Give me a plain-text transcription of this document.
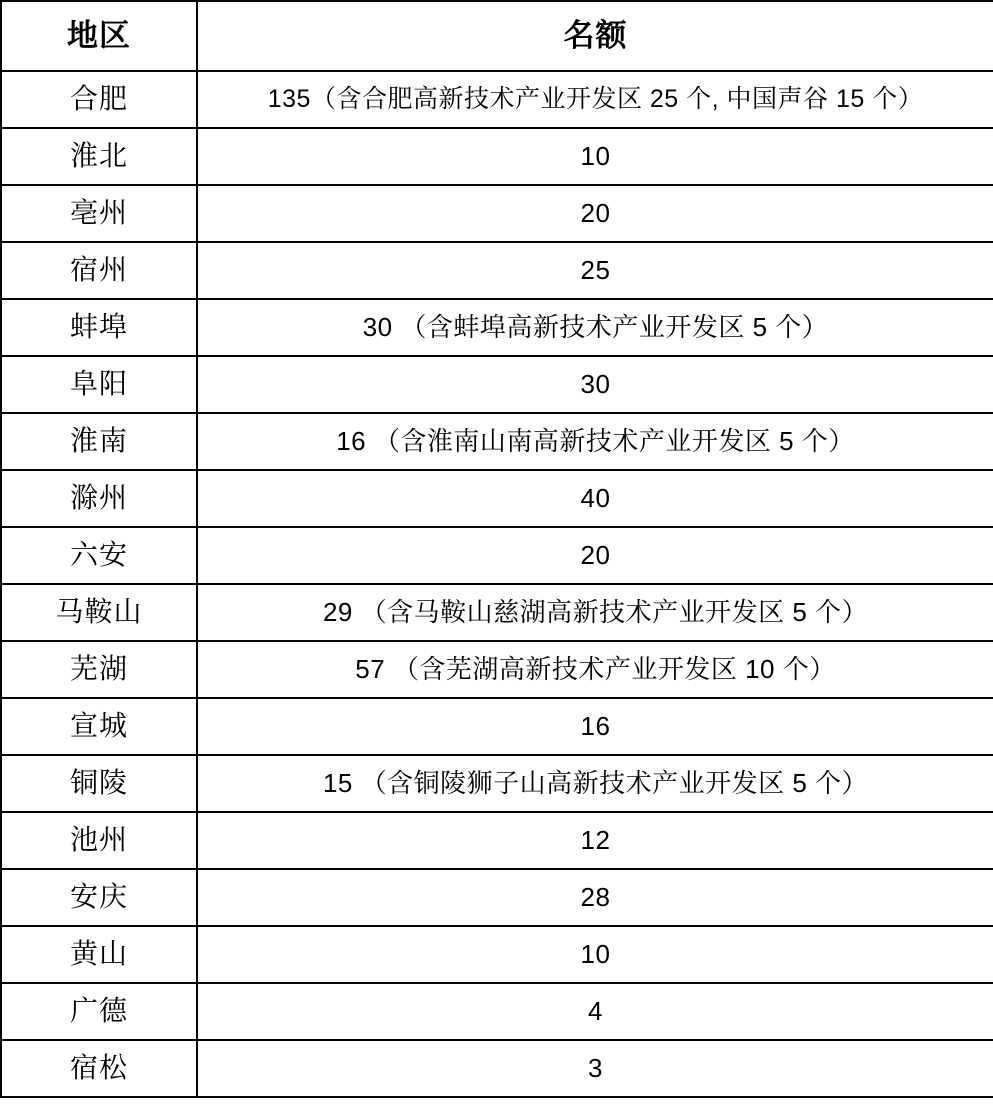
地区	名额
合肥	135（含合肥高新技术产业开发区 25 个, 中国声谷 15 个）
淮北	10
亳州	20
宿州	25
蚌埠	30 （含蚌埠高新技术产业开发区 5 个）
阜阳	30
淮南	16 （含淮南山南高新技术产业开发区 5 个）
滁州	40
六安	20
马鞍山	29 （含马鞍山慈湖高新技术产业开发区 5 个）
芜湖	57 （含芜湖高新技术产业开发区 10 个）
宣城	16
铜陵	15 （含铜陵狮子山高新技术产业开发区 5 个）
池州	12
安庆	28
黄山	10
广德	4
宿松	3
